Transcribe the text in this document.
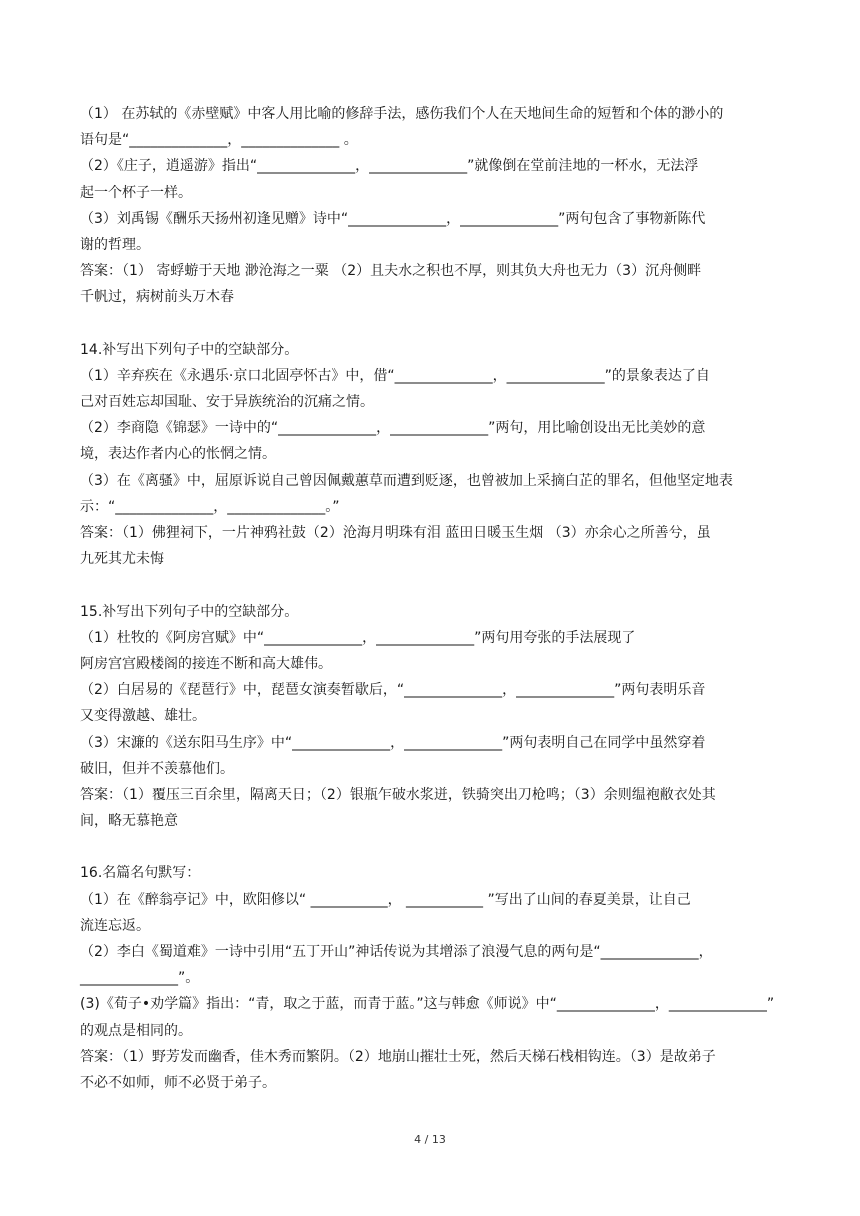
（1） 在苏轼的《赤壁赋》中客人用比喻的修辞手法，感伤我们个人在天地间生命的短暂和个体的渺小的
语句是“______________，______________ 。
（2）《庄子，逍遥游》指出“______________，______________”就像倒在堂前洼地的一杯水，无法浮
起一个杯子一样。
（3）刘禹锡《酬乐天扬州初逢见赠》诗中“______________，______________”两句包含了事物新陈代
谢的哲理。
答案：（1） 寄蜉蝣于天地 渺沧海之一粟 （2）且夫水之积也不厚，则其负大舟也无力（3）沉舟侧畔
千帆过，病树前头万木春
14.补写出下列句子中的空缺部分。
（1）辛弃疾在《永遇乐·京口北固亭怀古》中，借“______________，______________”的景象表达了自
己对百姓忘却国耻、安于异族统治的沉痛之情。
（2）李商隐《锦瑟》一诗中的“______________，______________”两句，用比喻创设出无比美妙的意
境，表达作者内心的怅惘之情。
（3）在《离骚》中，屈原诉说自己曾因佩戴蕙草而遭到贬逐，也曾被加上采摘白芷的罪名，但他坚定地表
示：“______________，______________。”
答案：（1）佛狸祠下，一片神鸦社鼓（2）沧海月明珠有泪 蓝田日暖玉生烟 （3）亦余心之所善兮，虽
九死其尤未悔
15.补写出下列句子中的空缺部分。
（1）杜牧的《阿房宫赋》中“______________，______________”两句用夸张的手法展现了
阿房宫宫殿楼阁的接连不断和高大雄伟。
（2）白居易的《琵琶行》中，琵琶女演奏暂歇后，“______________，______________”两句表明乐音
又变得激越、雄壮。
（3）宋濂的《送东阳马生序》中“______________，______________”两句表明自己在同学中虽然穿着
破旧，但并不羡慕他们。
答案：（1）覆压三百余里，隔离天日；（2）银瓶乍破水浆迸，铁骑突出刀枪鸣；（3）余则缊袍敝衣处其
间，略无慕艳意
16.名篇名句默写：
（1）在《醉翁亭记》中，欧阳修以“ ___________， ___________ ”写出了山间的春夏美景，让自己
流连忘返。
（2）李白《蜀道难》一诗中引用“五丁开山”神话传说为其增添了浪漫气息的两句是“______________，
______________”。
(3)《荀子•劝学篇》指出：“青，取之于蓝，而青于蓝。”这与韩愈《师说》中“______________，______________”
的观点是相同的。
答案：（1）野芳发而幽香，佳木秀而繁阴。（2）地崩山摧壮士死，然后天梯石栈相钩连。（3）是故弟子
不必不如师，师不必贤于弟子。
4 / 13
